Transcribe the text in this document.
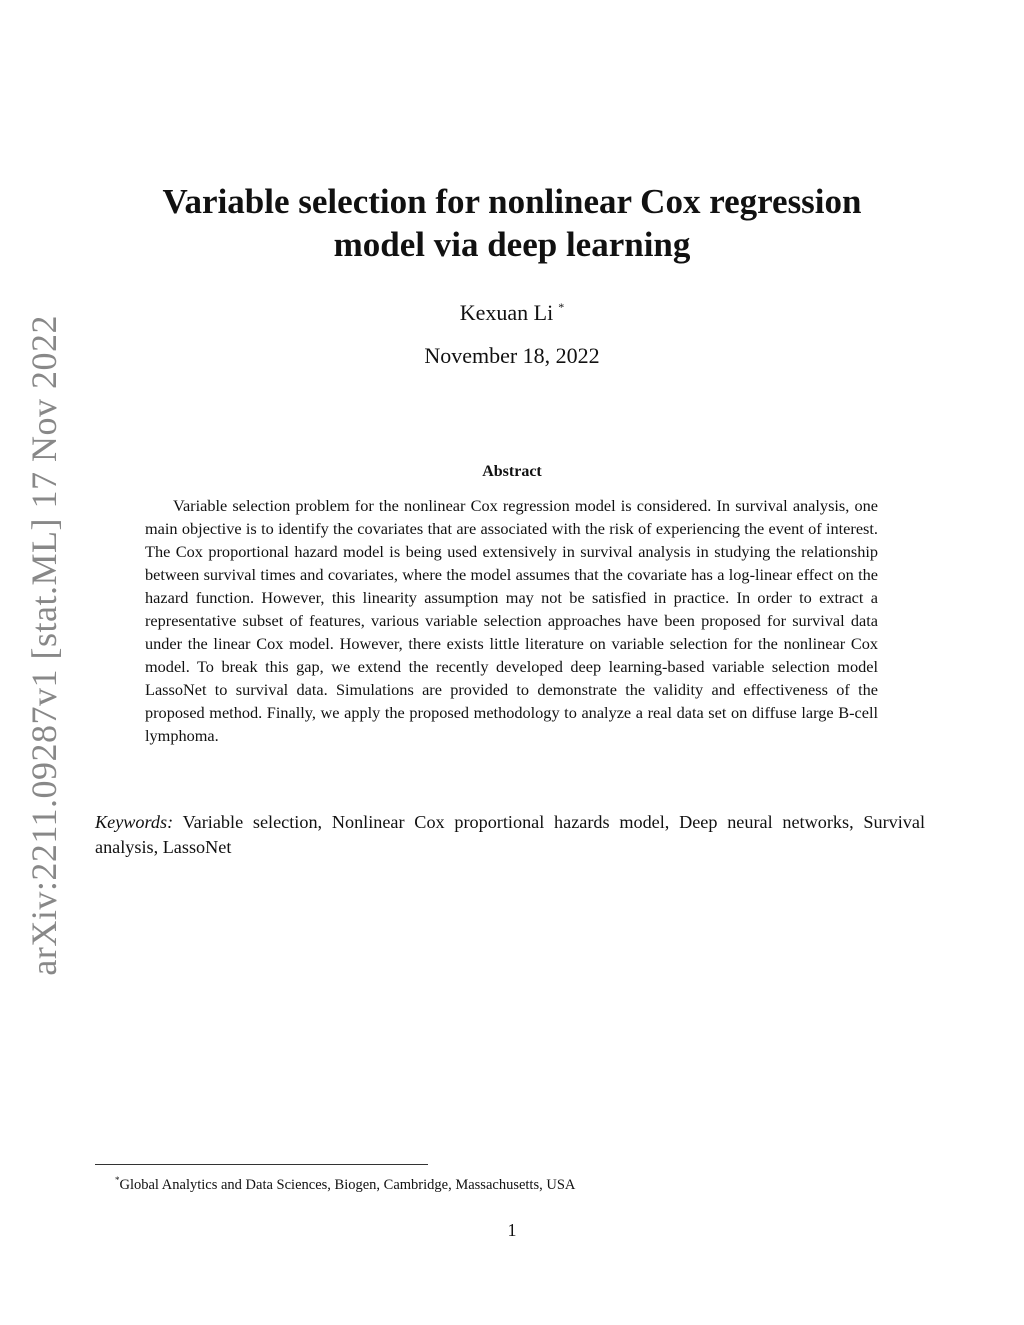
arXiv:2211.09287v1 [stat.ML] 17 Nov 2022
Variable selection for nonlinear Cox regression
model via deep learning
Kexuan Li *
November 18, 2022
Abstract

Variable selection problem for the nonlinear Cox regression model is considered. In survival analysis, one main objective is to identify the covariates that are associated with the risk of experiencing the event of interest. The Cox proportional hazard model is being used extensively in survival analysis in studying the relationship between survival times and covariates, where the model assumes that the covariate has a log-linear effect on the hazard function. However, this linearity assumption may not be satisfied in practice. In order to extract a representative subset of features, various variable selection approaches have been proposed for survival data under the linear Cox model. However, there exists little literature on variable selection for the nonlinear Cox model. To break this gap, we extend the recently developed deep learning-based variable selection model LassoNet to survival data. Simulations are provided to demonstrate the validity and effectiveness of the proposed method. Finally, we apply the proposed methodology to analyze a real data set on diffuse large B-cell lymphoma.

Keywords: Variable selection, Nonlinear Cox proportional hazards model, Deep neural networks, Survival analysis, LassoNet

*Global Analytics and Data Sciences, Biogen, Cambridge, Massachusetts, USA
1
